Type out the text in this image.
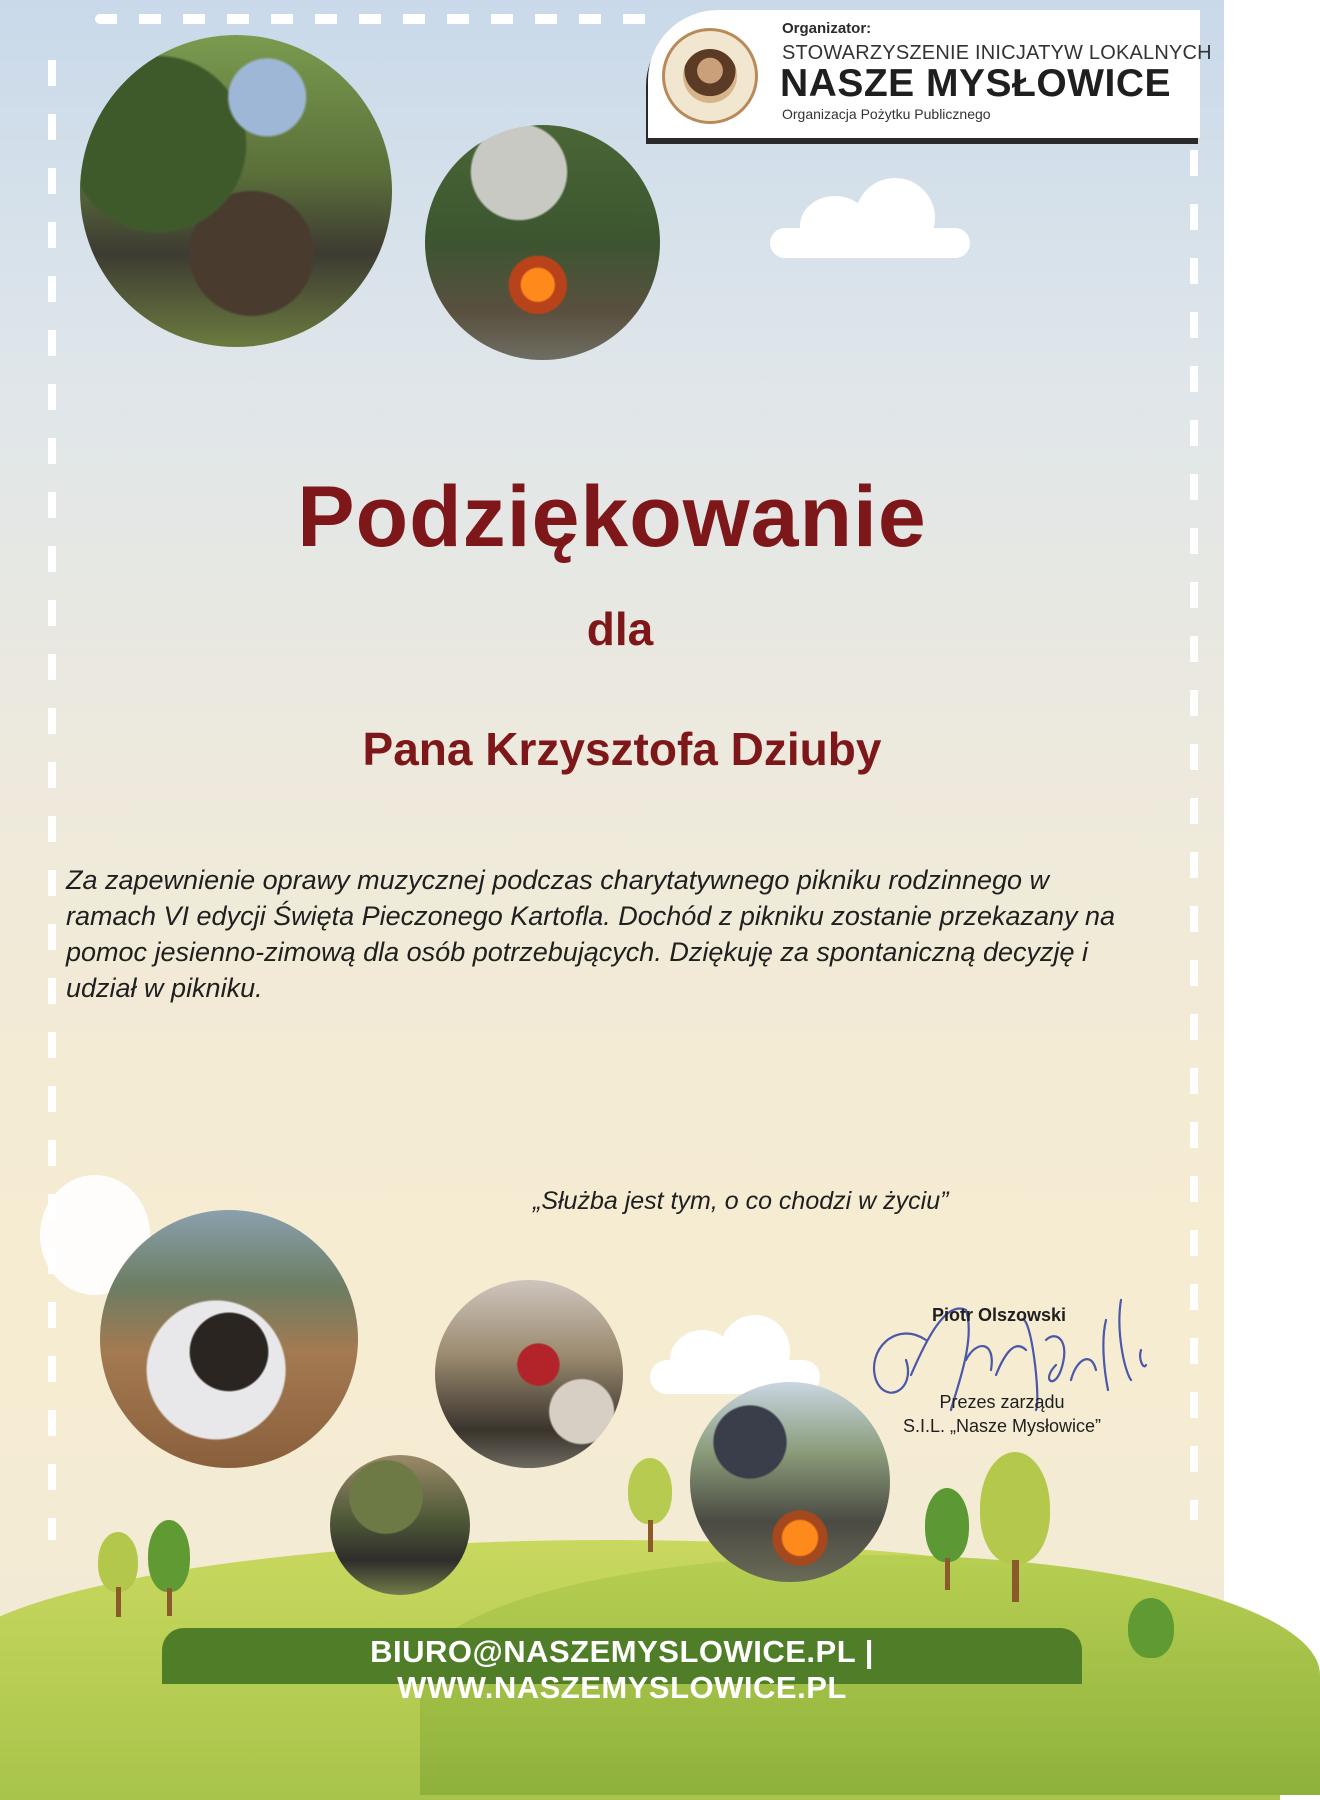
Organizator:
STOWARZYSZENIE INICJATYW LOKALNYCH
NASZE MYSŁOWICE
Organizacja Pożytku Publicznego
Podziękowanie
dla
Pana Krzysztofa Dziuby
Za zapewnienie oprawy muzycznej podczas charytatywnego pikniku rodzinnego w ramach VI edycji Święta Pieczonego Kartofla. Dochód z pikniku zostanie przekazany na pomoc jesienno-zimową dla osób potrzebujących. Dziękuję za spontaniczną decyzję i udział w pikniku.
„Służba jest tym, o co chodzi w życiu”
Piotr Olszowski
Prezes zarządu
S.I.L. „Nasze Mysłowice”
BIURO@NASZEMYSLOWICE.PL | WWW.NASZEMYSLOWICE.PL
